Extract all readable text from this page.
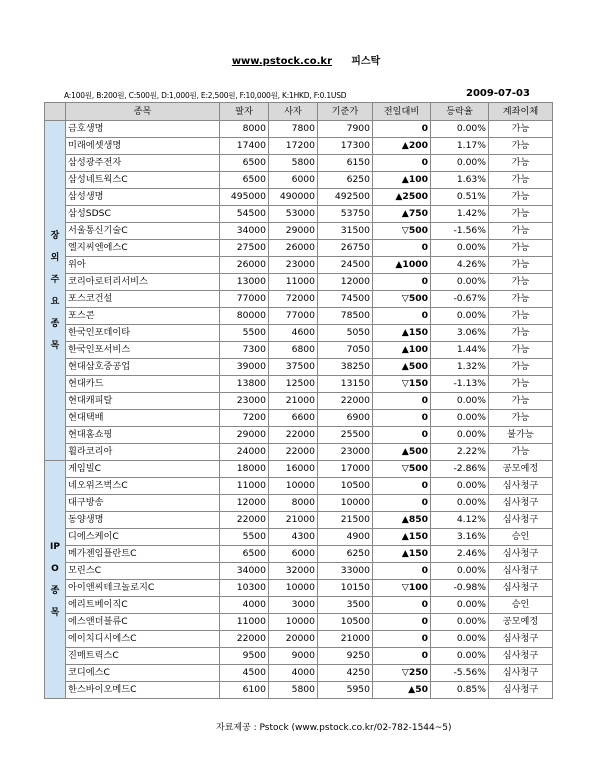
www.pstock.co.kr 피스탁
A:100원, B:200원, C:500원, D:1,000원, E:2,500원, F:10,000원, K:1HKD, F:0.1USD	2009-07-03
	종목	팔자	사자	기준가	전일대비	등락율	계좌이체
장외주요종목	금호생명	8000	7800	7900	0	0.00%	가능
	미래에셋생명	17400	17200	17300	▲200	1.17%	가능
	삼성광주전자	6500	5800	6150	0	0.00%	가능
	삼성네트웍스C	6500	6000	6250	▲100	1.63%	가능
	삼성생명	495000	490000	492500	▲2500	0.51%	가능
	삼성SDSC	54500	53000	53750	▲750	1.42%	가능
	서울통신기술C	34000	29000	31500	▽500	-1.56%	가능
	엘지씨엔에스C	27500	26000	26750	0	0.00%	가능
	위아	26000	23000	24500	▲1000	4.26%	가능
	코리아로터리서비스	13000	11000	12000	0	0.00%	가능
	포스코건설	77000	72000	74500	▽500	-0.67%	가능
	포스콘	80000	77000	78500	0	0.00%	가능
	한국인포데이타	5500	4600	5050	▲150	3.06%	가능
	한국인포서비스	7300	6800	7050	▲100	1.44%	가능
	현대삼호중공업	39000	37500	38250	▲500	1.32%	가능
	현대카드	13800	12500	13150	▽150	-1.13%	가능
	현대캐피탈	23000	21000	22000	0	0.00%	가능
	현대택배	7200	6600	6900	0	0.00%	가능
	현대홈쇼핑	29000	22000	25500	0	0.00%	불가능
	휠라코리아	24000	22000	23000	▲500	2.22%	가능
IPO종목	게임빌C	18000	16000	17000	▽500	-2.86%	공모예정
	네오위즈벅스C	11000	10000	10500	0	0.00%	심사청구
	대구방송	12000	8000	10000	0	0.00%	심사청구
	동양생명	22000	21000	21500	▲850	4.12%	심사청구
	디에스케이C	5500	4300	4900	▲150	3.16%	승인
	메가젠임플란트C	6500	6000	6250	▲150	2.46%	심사청구
	모린스C	34000	32000	33000	0	0.00%	심사청구
	아이앤씨테크놀로지C	10300	10000	10150	▽100	-0.98%	심사청구
	에리트베이직C	4000	3000	3500	0	0.00%	승인
	에스앤더블류C	11000	10000	10500	0	0.00%	공모예정
	에이치디시에스C	22000	20000	21000	0	0.00%	심사청구
	진매트릭스C	9500	9000	9250	0	0.00%	심사청구
	코디에스C	4500	4000	4250	▽250	-5.56%	심사청구
	한스바이오메드C	6100	5800	5950	▲50	0.85%	심사청구
자료제공 : Pstock (www.pstock.co.kr/02-782-1544~5)
